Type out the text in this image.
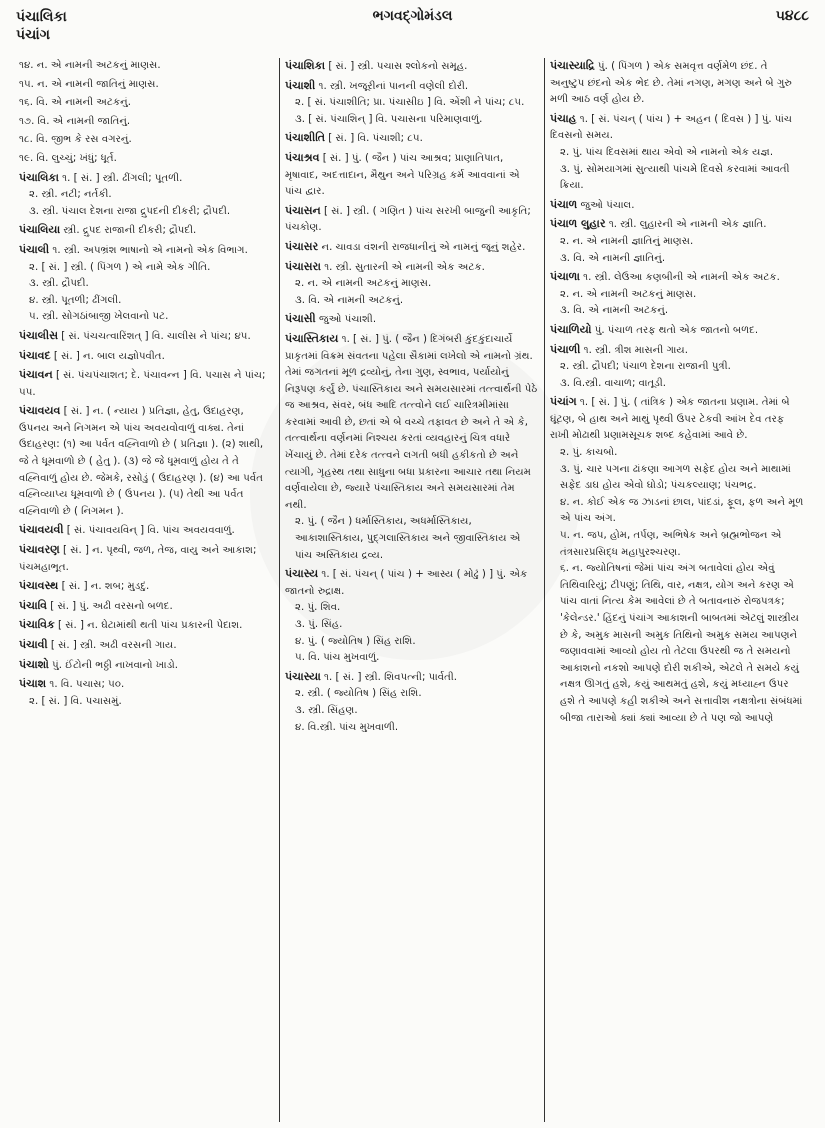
પંચાલિકા
પંચાંગ
ભગવદ્ગોમંડલ	૫૪૮૮
૧૪. ન. એ નામની અટકનું માણસ.
૧૫. ન. એ નામની જાતિનું માણસ.
૧૬. વિ. એ નામની અટકનું.
૧૭. વિ. એ નામની જાતિનું.
૧૮. વિ. જીભ કે રસ વગરનું.
૧૯. વિ. લુચ્ચું; ખંધું; ધૂર્ત.
પંચાલિકા ૧. [ સં. ] સ્ત્રી. ઢીંગલી; પૂતળી.
૨. સ્ત્રી. નટી; નર્તકી.
૩. સ્ત્રી. પંચાલ દેશના રાજા દ્રુપદની દીકરી; દ્રૌપદી.
પંચાલિયા સ્ત્રી. દ્રુપદ રાજાની દીકરી; દ્રૌપદી.
પંચાલી ૧. સ્ત્રી. અપભ્રંશ ભાષાનો એ નામનો એક વિભાગ.
૨. [ સં. ] સ્ત્રી. ( પિંગળ ) એ નામે એક ગીતિ.
૩. સ્ત્રી. દ્રૌપદી.
૪. સ્ત્રી. પૂતળી; ઢીંગલી.
૫. સ્ત્રી. સોગઠાંબાજી ખેલવાનો પટ.
પંચાલીસ [ સં. પંચચત્વારિંશત્ ] વિ. ચાલીસ ને પાંચ; ૪૫.
પંચાવદ [ સં. ] ન. બાલ યજ્ઞોપવીત.
પંચાવન [ સં. પંચપંચાશત; દે. પંચાવન્ન ] વિ. પચાસ ને પાંચ; ૫૫.
પંચાવયવ [ સં. ] ન. ( ન્યાય ) પ્રતિજ્ઞા, હેતુ, ઉદાહરણ, ઉપનય અને નિગમન એ પાંચ અવયવોવાળું વાક્ય. તેનાં ઉદાહરણ: (૧) આ પર્વત વહ્નિવાળો છે ( પ્રતિજ્ઞા ). (૨) શાથી, જે તે ધૂમવાળો છે ( હેતુ ). (૩) જે જે ધૂમવાળું હોય તે તે વહ્નિવાળું હોય છે. જેમકે, રસોડું ( ઉદાહરણ ). (૪) આ પર્વત વહ્નિવ્યાપ્ય ધૂમવાળો છે ( ઉપનય ). (૫) તેથી આ પર્વત વહ્નિવાળો છે ( નિગમન ).
પંચાવયવી [ સં. પંચાવયવિન્ ] વિ. પાંચ અવયવવાળું.
પંચાવરણ [ સં. ] ન. પૃથ્વી, જળ, તેજ, વાયુ અને આકાશ; પંચમહાભૂત.
પંચાવસ્થ [ સં. ] ન. શબ; મુડદું.
પંચાવિ [ સં. ] પું. અઢી વરસનો બળદ.
પંચાવિક [ સં. ] ન. ઘેટામાંથી થતી પાંચ પ્રકારની પેદાશ.
પંચાવી [ સં. ] સ્ત્રી. અઢી વરસની ગાય.
પંચાશો પું. ઈંટોની ભઠ્ઠી નાખવાનો ખાડો.
પંચાશ ૧. વિ. પચાસ; ૫૦.
૨. [ સં. ] વિ. પચાસમું.
પંચાશિકા [ સં. ] સ્ત્રી. પચાસ શ્લોકનો સમૂહ.
પંચાશી ૧. સ્ત્રી. ખજૂરીનાં પાનની વણેલી દોરી.
૨. [ સં. પંચાશીતિ; પ્રા. પંચાસીઇ ] વિ. એંશી ને પાંચ; ૮૫.
૩. [ સં. પંચાશિન્ ] વિ. પચાસના પરિમાણવાળું.
પંચાશીતિ [ સં. ] વિ. પંચાશી; ૮૫.
પંચાશ્રવ [ સં. ] પું. ( જૈન ) પાંચ આશ્રવ; પ્રાણાતિપાત, મૃષાવાદ, અદત્તાદાન, મૈથુન અને પરિગ્રહ કર્મ આવવાનાં એ પાંચ દ્વાર.
પંચાસન [ સં. ] સ્ત્રી. ( ગણિત ) પાંચ સરખી બાજુની આકૃતિ; પંચકોણ.
પંચાસર ન. ચાવડા વંશની રાજધાનીનું એ નામનું જૂનું શહેર.
પંચાસરા ૧. સ્ત્રી. સુતારની એ નામની એક અટક.
૨. ન. એ નામની અટકનું માણસ.
૩. વિ. એ નામની અટકનું.
પંચાસી જુઓ પંચાશી.
પંચાસ્તિકાય ૧. [ સં. ] પું. ( જૈન ) દિગંબરી કુંદકુંદાચાર્યે પ્રાકૃતમાં વિક્રમ સંવતના પહેલા સૈકામાં લખેલો એ નામનો ગ્રંથ. તેમાં જગતનાં મૂળ દ્રવ્યોનું, તેના ગુણ, સ્વભાવ, પર્યાયોનું નિરૂપણ કર્યું છે. પંચાસ્તિકાય અને સમયસારમાં તત્ત્વાર્થની પેઠે જ આશ્રવ, સંવર, બંધ આદિ તત્ત્વોને લઈ ચારિત્રમીમાંસા કરવામાં આવી છે, છતાં એ બે વચ્ચે તફાવત છે અને તે એ કે, તત્ત્વાર્થના વર્ણનમાં નિશ્ચય કરતાં વ્યવહારનું ચિત્ર વધારે ખેંચાયું છે. તેમાં દરેક તત્ત્વને લગતી બધી હકીકતો છે અને ત્યાગી, ગૃહસ્થ તથા સાધુના બધા પ્રકારના આચાર તથા નિયમ વર્ણવાયેલા છે, જ્યારે પંચાસ્તિકાય અને સમયસારમાં તેમ નથી.
૨. પું. ( જૈન ) ધર્માસ્તિકાય, અધર્માસ્તિકાય, આકાશાસ્તિકાય, પુદ્ગલાસ્તિકાય અને જીવાસ્તિકાય એ પાંચ અસ્તિકાય દ્રવ્ય.
પંચાસ્ય ૧. [ સં. પંચન્ ( પાંચ ) + આસ્ય ( મોઢું ) ] પું. એક જાતનો રુદ્રાક્ષ.
૨. પું. શિવ.
૩. પું. સિંહ.
૪. પું. ( જ્યોતિષ ) સિંહ રાશિ.
૫. વિ. પાંચ મુખવાળું.
પંચાસ્યા ૧. [ સં. ] સ્ત્રી. શિવપત્ની; પાર્વતી.
૨. સ્ત્રી. ( જ્યોતિષ ) સિંહ રાશિ.
૩. સ્ત્રી. સિંહણ.
૪. વિ.સ્ત્રી. પાંચ મુખવાળી.
પંચાસ્યાદ્રિ પું. ( પિંગળ ) એક સમવૃત્ત વર્ણમેળ છંદ. તે અનુષ્ટુપ છંદનો એક ભેદ છે. તેમાં નગણ, મગણ અને બે ગુરુ મળી આઠ વર્ણ હોય છે.
પંચાહ ૧. [ સં. પંચન્ ( પાંચ ) + અહન ( દિવસ ) ] પું. પાંચ દિવસનો સમય.
૨. પું. પાંચ દિવસમાં થાય એવો એ નામનો એક યજ્ઞ.
૩. પું. સોમયાગમાં સુત્યાથી પાંચમે દિવસે કરવામાં આવતી ક્રિયા.
પંચાળ જુઓ પંચાલ.
પંચાળ લુહાર ૧. સ્ત્રી. લુહારની એ નામની એક જ્ઞાતિ.
૨. ન. એ નામની જ્ઞાતિનું માણસ.
૩. વિ. એ નામની જ્ઞાતિનું.
પંચાળા ૧. સ્ત્રી. લેઉઆ કણબીની એ નામની એક અટક.
૨. ન. એ નામની અટકનું માણસ.
૩. વિ. એ નામની અટકનું.
પંચાળિયો પું. પંચાળ તરફ થતો એક જાતનો બળદ.
પંચાળી ૧. સ્ત્રી. ત્રીશ માસની ગાય.
૨. સ્ત્રી. દ્રૌપદી; પંચાળ દેશના રાજાની પુત્રી.
૩. વિ.સ્ત્રી. વાચાળ; વાતૂડી.
પંચાંગ ૧. [ સં. ] પું. ( તાંત્રિક ) એક જાતના પ્રણામ. તેમાં બે ઘૂંટણ, બે હાથ અને માથું પૃથ્વી ઉપર ટેકવી આંખ દેવ તરફ રાખી મોઢાથી પ્રણામસૂચક શબ્દ કહેવામાં આવે છે.
૨. પું. કાચબો.
૩. પું. ચાર પગના ઢાંકણા આગળ સફેદ હોય અને માથામાં સફેદ ડાઘ હોય એવો ઘોડો; પંચકલ્યાણ; પંચભદ્ર.
૪. ન. કોઈ એક જ ઝાડનાં છાલ, પાંદડાં, ફૂલ, ફળ અને મૂળ એ પાંચ અંગ.
૫. ન. જપ, હોમ, તર્પણ, અભિષેક અને બ્રહ્મભોજન એ તંત્રસારપ્રસિદ્ધ મહાપુરશ્ચરણ.
૬. ન. જ્યોતિષનાં જેમાં પાંચ અંગ બતાવેલાં હોય એવું તિથિવારિયું; ટીપણું; તિથિ, વાર, નક્ષત્ર, યોગ અને કરણ એ પાંચ વાતાં નિત્ય કેમ આવેલાં છે તે બતાવનારું રોજપત્રક; 'કેલેન્ડર.' હિંદનું પંચાંગ આકાશની બાબતમાં એટલું શાસ્ત્રીય છે કે, અમુક માસની અમુક તિથિનો અમુક સમય આપણને જણાવવામાં આવ્યો હોય તો તેટલા ઉપરથી જ તે સમયનો આકાશનો નકશો આપણે દોરી શકીએ, એટલે તે સમયે કયું નક્ષત્ર ઊગતું હશે, કયું આથમતું હશે, કયું મધ્યાહ્ન ઉપર હશે તે આપણે કહી શકીએ અને સત્તાવીશ નક્ષત્રોના સંબંધમાં બીજા તારાઓ ક્યાં ક્યાં આવ્યા છે તે પણ જો આપણે
